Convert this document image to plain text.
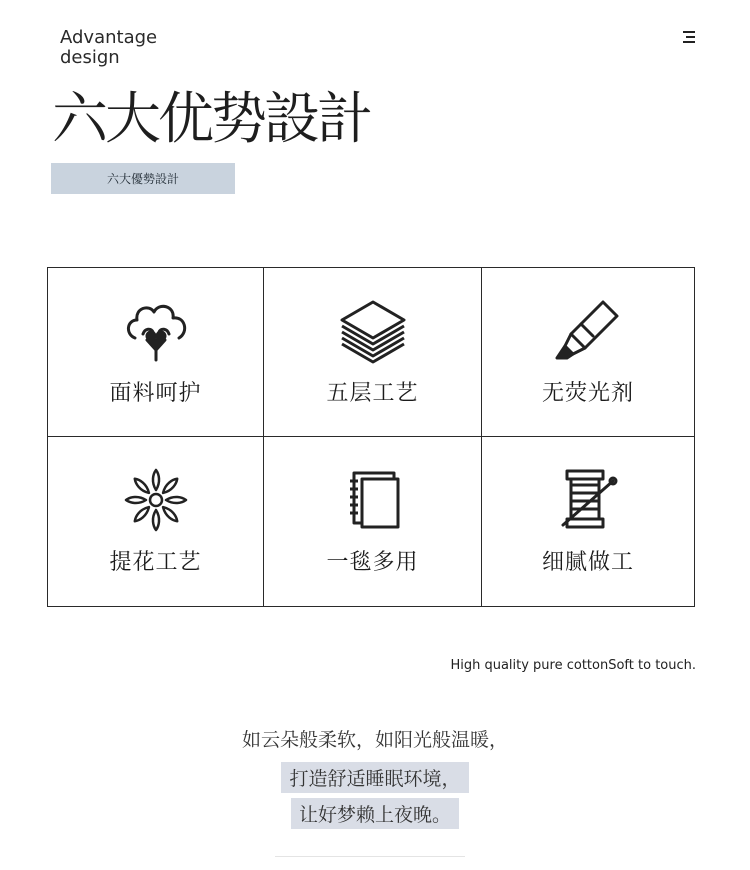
Advantage
design
六大优势設計
六大優勢設計
面料呵护	五层工艺	无荧光剂
提花工艺	一毯多用	细腻做工
High quality pure cottonSoft to touch.
如云朵般柔软，如阳光般温暖，
打造舒适睡眠环境，
让好梦赖上夜晚。
